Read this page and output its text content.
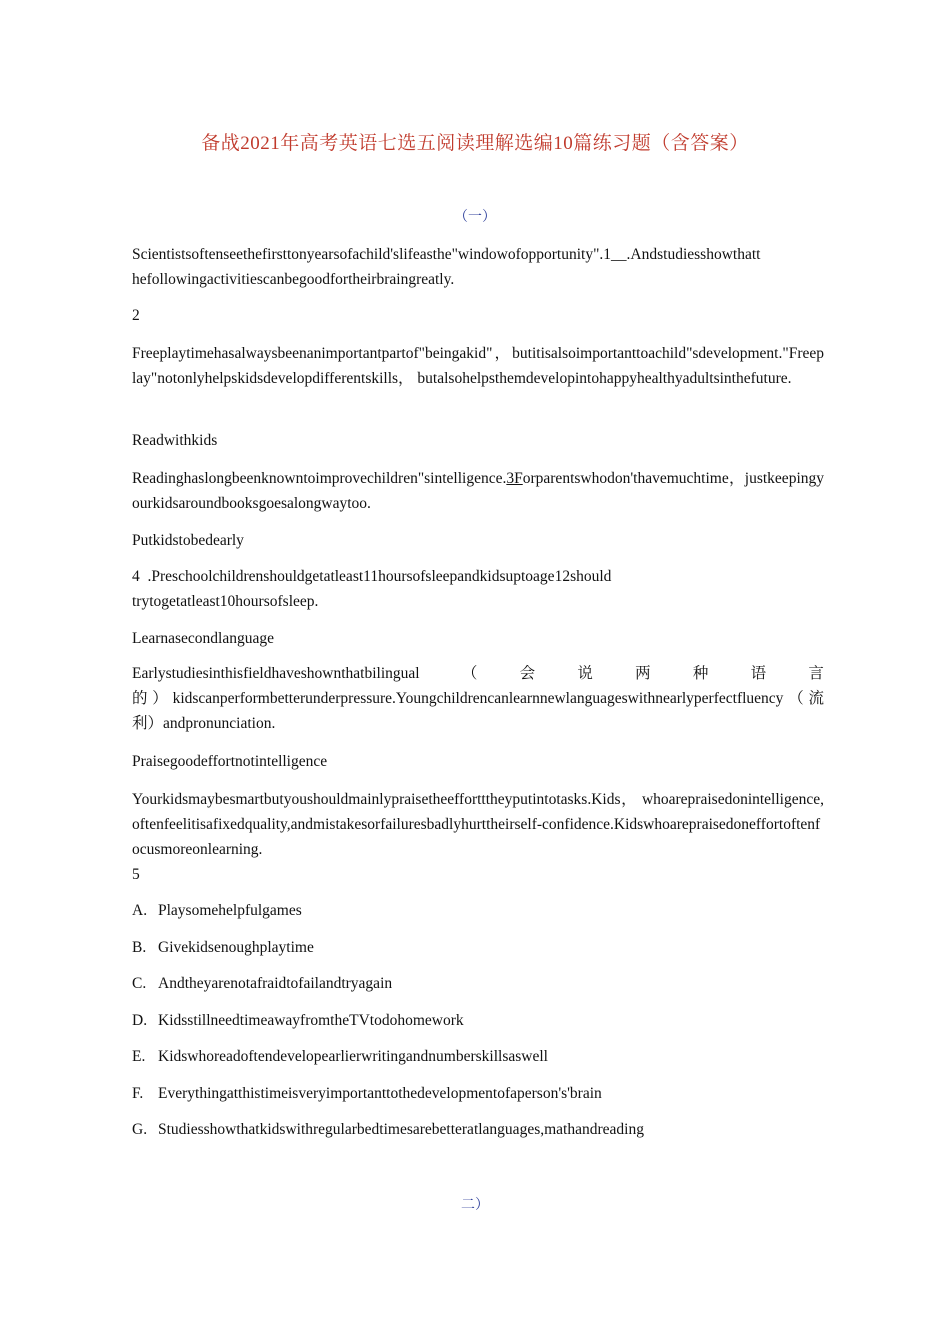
备战2021年高考英语七选五阅读理解选编10篇练习题（含答案）
（一）

Scientistsoftenseethefirsttonyearsofachild'slifeasthe"windowofopportunity".1__.Andstudiesshowthatt

hefollowingactivitiescanbegoodfortheirbraingreatly.

2

Freeplaytimehasalwaysbeenanimportantpartof"beingakid"，butitisalsoimportanttoachild"sdevelopment."Freeplay"notonlyhelpskidsdevelopdifferentskills， butalsohelpsthemdevelopintohappyhealthyadultsinthefuture.

Readwithkids

Readinghaslongbeenknowntoimprovechildren"sintelligence.3Forparentswhodon'thavemuchtime，justkeepingyourkidsaroundbooksgoesalongwaytoo.

Putkidstobedearly

4  .Preschoolchildrenshouldgetatleast11hoursofsleepandkidsuptoage12should

trytogetatleast10hoursofsleep.

Learnasecondlanguage
Earlystudiesinthisfieldhaveshownthatbilingual	（	会	说	两	种	语	言

的）kidscanperformbetterunderpressure.Youngchildrencanlearnnewlanguageswithnearlyperfectfluency（流利）andpronunciation.

Praisegoodeffortnotintelligence

Yourkidsmaybesmartbutyoushouldmainlypraisetheeffortttheyputintotasks.Kids， whoarepraisedonintelligence,oftenfeelitisafixedquality,andmistakesorfailuresbadlyhurttheirself-confidence.Kidswhoarepraisedoneffortoftenfocusmoreonlearning.

5
A. Playsomehelpfulgames
B. Givekidsenoughplaytime
C. Andtheyarenotafraidtofailandtryagain
D. KidsstillneedtimeawayfromtheTVtodohomework
E. Kidswhoreadoftendevelopearlierwritingandnumberskillsaswell
F. Everythingatthistimeisveryimportanttothedevelopmentofaperson's'brain
G. Studiesshowthatkidswithregularbedtimesarebetteratlanguages,mathandreading
二）
